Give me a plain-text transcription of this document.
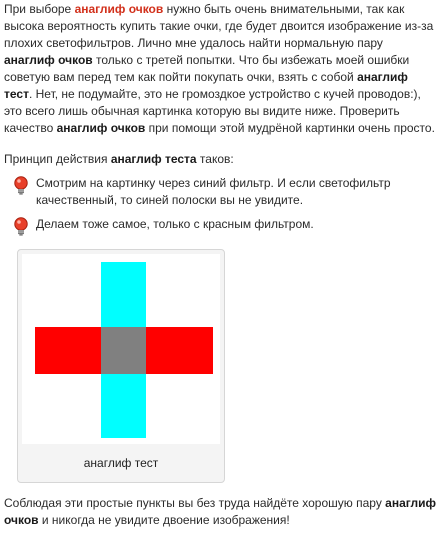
При выборе анаглиф очков нужно быть очень внимательными, так как высока вероятность купить такие очки, где будет двоится изображение из-за плохих светофильтров. Лично мне удалось найти нормальную пару анаглиф очков только с третей попытки. Что бы избежать моей ошибки советую вам перед тем как пойти покупать очки, взять с собой анаглиф тест. Нет, не подумайте, это не громоздкое устройство с кучей проводов:), это всего лишь обычная картинка которую вы видите ниже. Проверить качество анаглиф очков при помощи этой мудрёной картинки очень просто.

Принцип действия анаглиф теста таков:

Смотрим на картинку через синий фильтр. И если светофильтр качественный, то синей полоски вы не увидите.
Делаем тоже самое, только с красным фильтром.
анаглиф тест

Соблюдая эти простые пункты вы без труда найдёте хорошую пару анаглиф очков и никогда не увидите двоение изображения!
